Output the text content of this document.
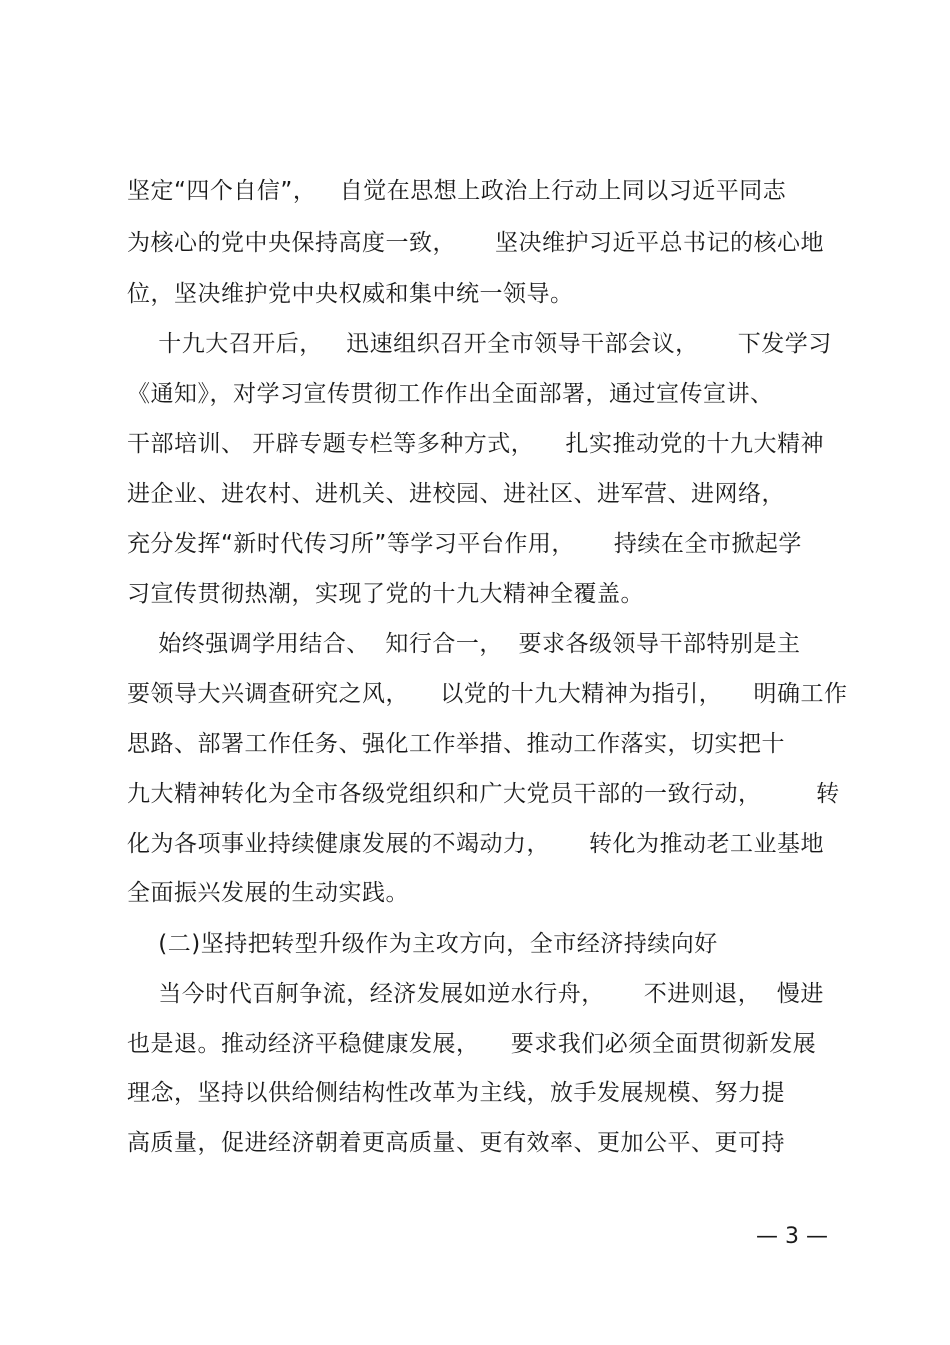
坚定“四个自信”，   自觉在思想上政治上行动上同以习近平同志
为核心的党中央保持高度一致，     坚决维护习近平总书记的核心地
位，坚决维护党中央权威和集中统一领导。
十九大召开后，   迅速组织召开全市领导干部会议，     下发学习
《通知》，对学习宣传贯彻工作作出全面部署，通过宣传宣讲、
干部培训、 开辟专题专栏等多种方式，    扎实推动党的十九大精神
进企业、进农村、进机关、进校园、进社区、进军营、进网络，
充分发挥“新时代传习所”等学习平台作用，     持续在全市掀起学
习宣传贯彻热潮，实现了党的十九大精神全覆盖。
始终强调学用结合、  知行合一，  要求各级领导干部特别是主
要领导大兴调查研究之风，    以党的十九大精神为指引，    明确工作
思路、部署工作任务、强化工作举措、推动工作落实，切实把十
九大精神转化为全市各级党组织和广大党员干部的一致行动，       转
化为各项事业持续健康发展的不竭动力，     转化为推动老工业基地
全面振兴发展的生动实践。
(二)坚持把转型升级作为主攻方向，全市经济持续向好
当今时代百舸争流，经济发展如逆水行舟，     不进则退，  慢进
也是退。推动经济平稳健康发展，    要求我们必须全面贯彻新发展
理念，坚持以供给侧结构性改革为主线，放手发展规模、努力提
高质量，促进经济朝着更高质量、更有效率、更加公平、更可持
— 3 —
